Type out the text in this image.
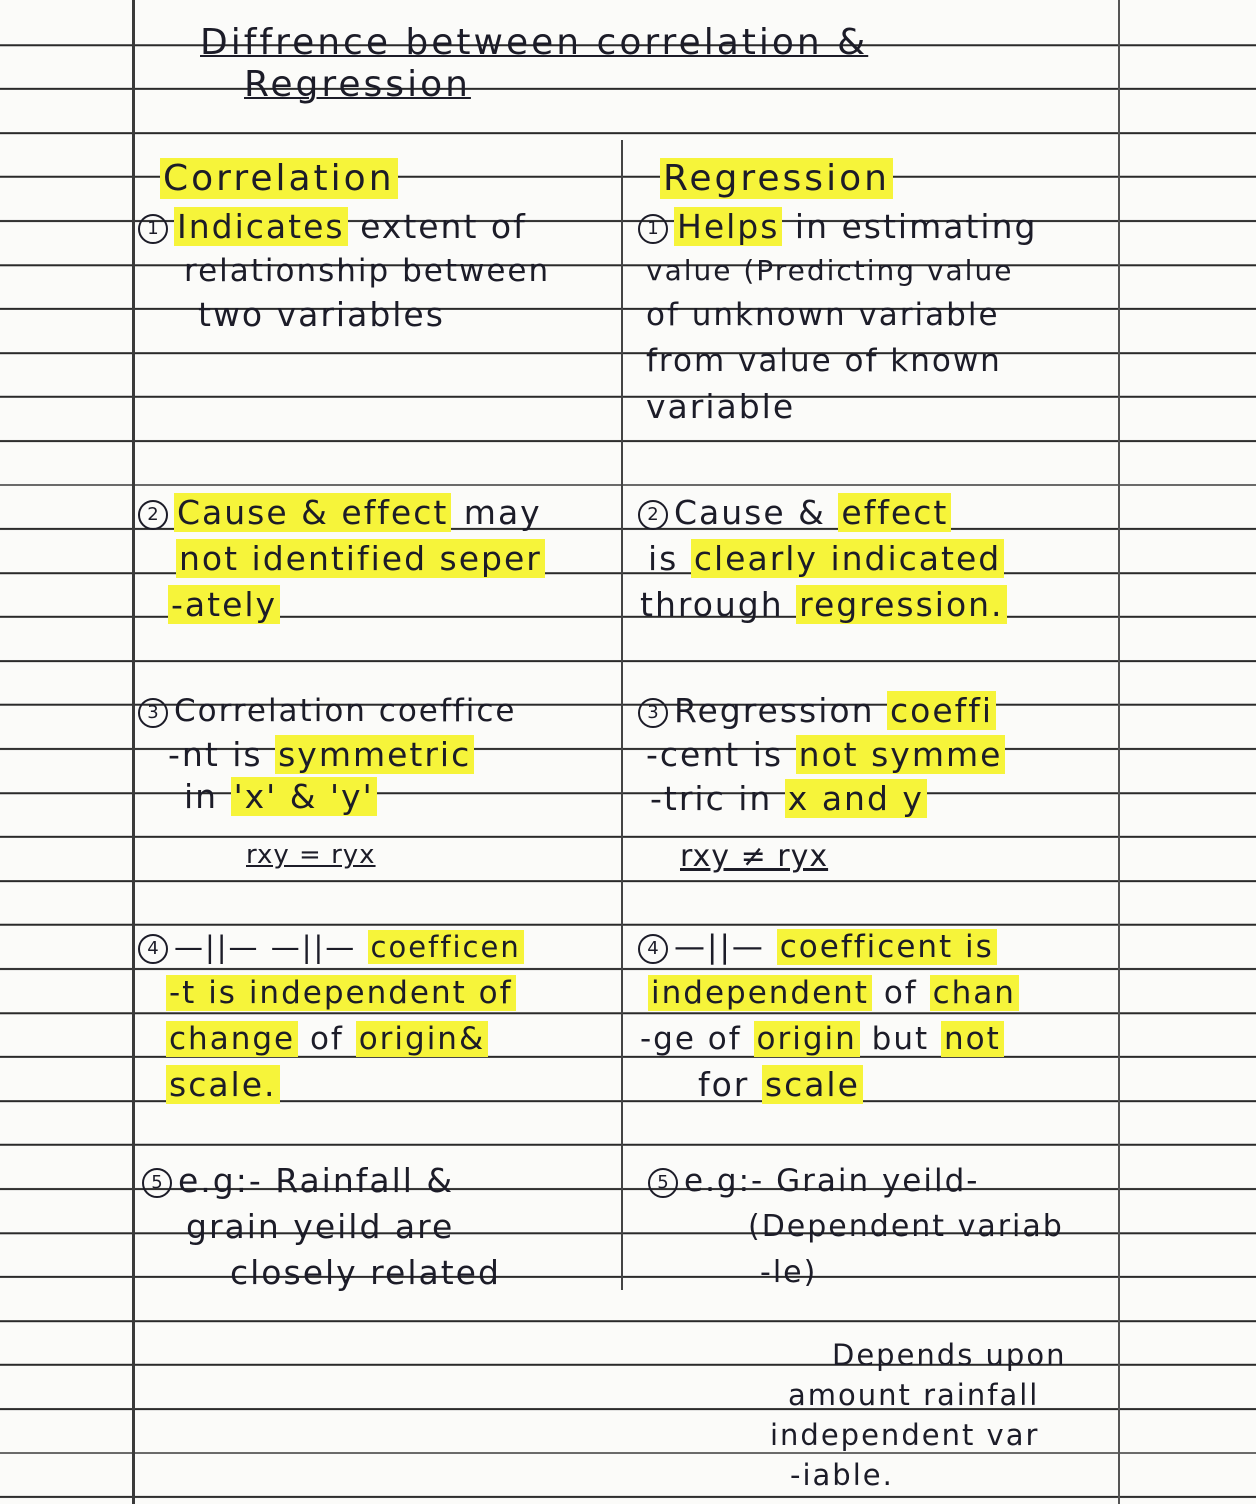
Diffrence between correlation &

Regression

Correlation	Regression

1 Indicates extent of

relationship between

two variables

1 Helps in estimating

value (Predicting value

of unknown variable

from value of known

variable

2 Cause & effect may

not identified seper

-ately

2 Cause & effect

is clearly indicated

through regression.

3 Correlation coeffice

-nt is symmetric

in 'x' & 'y'

rxy = ryx

3 Regression coeffi

-cent is not symme

-tric in x and y

rxy ≠ ryx

4 —||— —||— coefficen

-t is independent of

change of origin&

scale.

4 —||— coefficent is

independent of chan

-ge of origin but not

for scale

5 e.g:- Rainfall &

grain yeild are

closely related

5 e.g:- Grain yeild-

(Dependent variab

-le)

Depends upon

amount rainfall

independent var

-iable.
